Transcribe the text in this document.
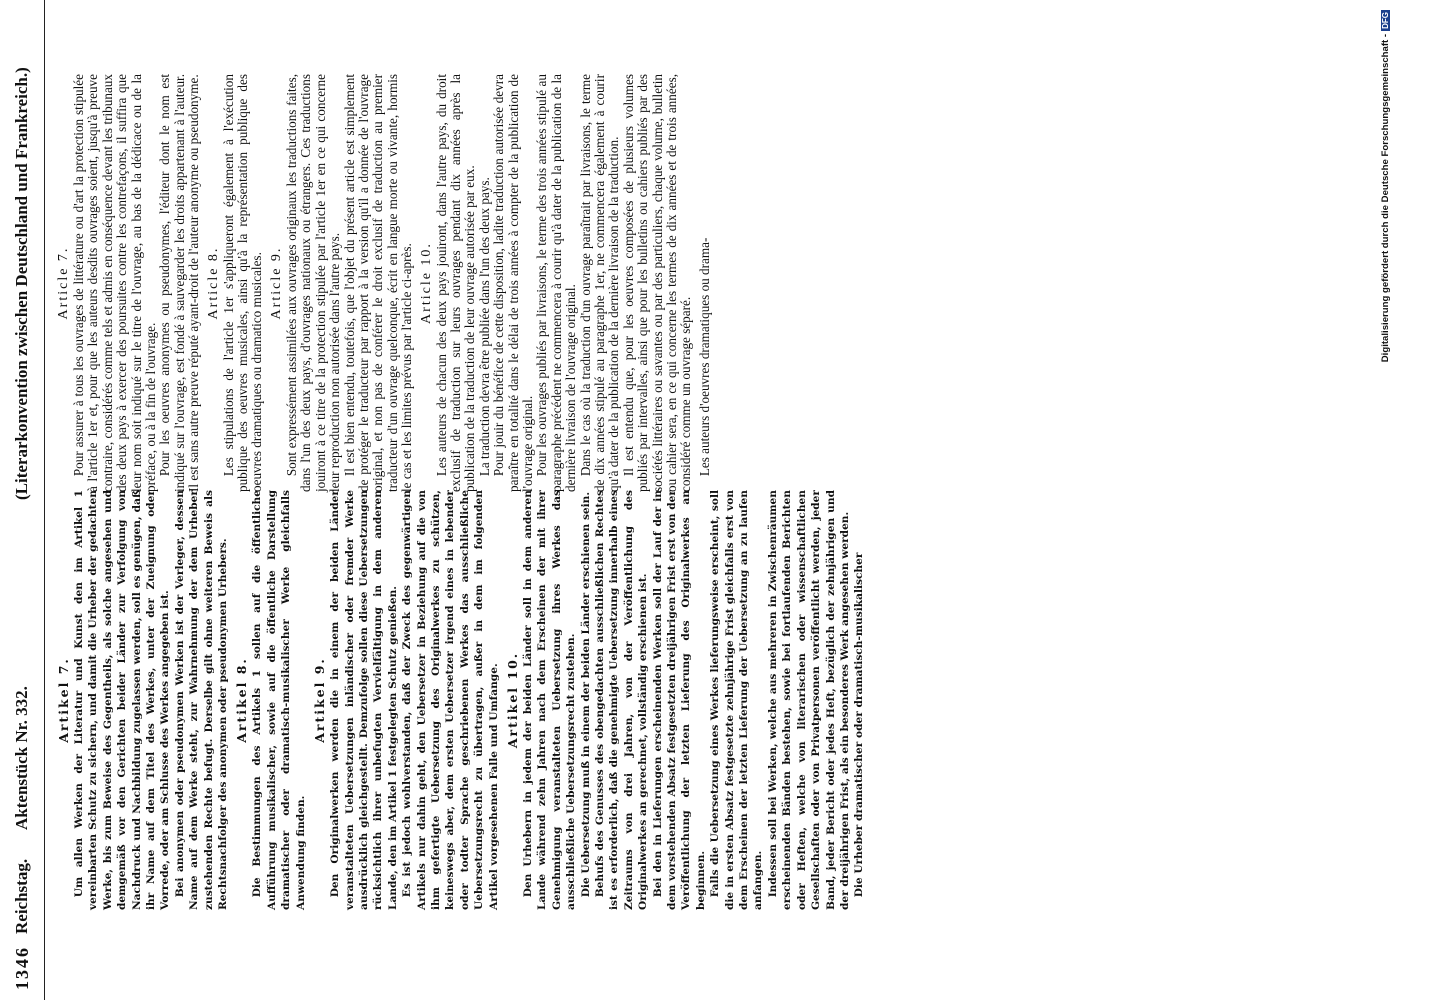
1346
Reichstag.
Aktenstück Nr. 332.
(Literarkonvention zwischen Deutschland und Frankreich.)
Artikel 7. Um allen Werken der Literatur und Kunst den im Artikel 1 vereinbarten Schutz zu sichern, und damit die Urheber der gedachten Werke, bis zum Beweise des Gegentheils, als solche angesehen und demgemäß vor den Gerichten beider Länder zur Verfolgung von Nachdruck und Nachbildung zugelassen werden, soll es genügen, daß ihr Name auf dem Titel des Werkes, unter der Zueignung oder Vorrede, oder am Schlusse des Werkes angegeben ist. Bei anonymen oder pseudonymen Werken ist der Verleger, dessen Name auf dem Werke steht, zur Wahrnehmung der dem Urheber zustehenden Rechte befugt. Derselbe gilt ohne weiteren Beweis als Rechtsnachfolger des anonymen oder pseudonymen Urhebers. Artikel 8. Die Bestimmungen des Artikels 1 sollen auf die öffentliche Aufführung musikalischer, sowie auf die öffentliche Darstellung dramatischer oder dramatisch-musikalischer Werke gleichfalls Anwendung finden.

Artikel 9. Den Originalwerken werden die in einem der beiden Länder veranstalteten Uebersetzungen inländischer oder fremder Werke ausdrücklich gleichgestellt. Demzufolge sollen diese Uebersetzungen rücksichtlich ihrer unbefugten Vervielfältigung in dem anderen Lande, den im Artikel 1 festgelegten Schutz genießen. Es ist jedoch wohlverstanden, daß der Zweck des gegenwärtigen Artikels nur dahin geht, den Uebersetzer in Beziehung auf die von ihm gefertigte Uebersetzung des Originalwerkes zu schützen, keineswegs aber, dem ersten Uebersetzer irgend eines in lebender oder todter Sprache geschriebenen Werkes das ausschließliche Uebersetzungsrecht zu übertragen, außer in dem im folgenden Artikel vorgesehenen Falle und Umfange. Artikel 10. Den Urhebern in jedem der beiden Länder soll in dem anderen Lande während zehn Jahren nach dem Erscheinen der mit ihrer Genehmigung veranstalteten Uebersetzung ihres Werkes das ausschließliche Uebersetzungsrecht zustehen. Die Uebersetzung muß in einem der beiden Länder erschienen sein. Behufs des Genusses des obengedachten ausschließlichen Rechtes ist es erforderlich, daß die genehmigte Uebersetzung innerhalb eines Zeitraums von drei Jahren, von der Veröffentlichung des Originalwerkes an gerechnet, vollständig erschienen ist. Bei den in Lieferungen erscheinenden Werken soll der Lauf der in dem vorstehenden Absatz festgesetzten dreijährigen Frist erst von der Veröffentlichung der letzten Lieferung des Originalwerkes an beginnen. Falls die Uebersetzung eines Werkes lieferungsweise erscheint, soll die in ersten Absatz festgesetzte zehnjährige Frist gleichfalls erst von dem Erscheinen der letzten Lieferung der Uebersetzung an zu laufen anfangen. Indessen soll bei Werken, welche aus mehreren in Zwischenräumen erscheinenden Bänden bestehen, sowie bei fortlaufenden Berichten oder Heften, welche von literarischen oder wissenschaftlichen Gesellschaften oder von Privatpersonen veröffentlicht werden, jeder Band, jeder Bericht oder jedes Heft, bezüglich der zehnjährigen und der dreijährigen Frist, als ein besonderes Werk angesehen werden. Die Urheber dramatischer oder dramatisch-musikalischer

Article 7. Pour assurer à tous les ouvrages de littérature ou d'art la protection stipulée à l'article 1er et, pour que les auteurs desdits ouvrages soient, jusqu'à preuve contraire, considérés comme tels et admis en conséquence devant les tribunaux des deux pays à exercer des poursuites contre les contrefaçons, il suffira que leur nom soit indiqué sur le titre de l'ouvrage, au bas de la dédicace ou de la préface, ou à la fin de l'ouvrage. Pour les oeuvres anonymes ou pseudonymes, l'éditeur dont le nom est indiqué sur l'ouvrage, est fondé à sauvegarder les droits appartenant à l'auteur. Il est sans autre preuve réputé ayant-droit de l'auteur anonyme ou pseudonyme. Article 8. Les stipulations de l'article 1er s'appliqueront également à l'exécution publique des oeuvres musicales, ainsi qu'à la représentation publique des oeuvres dramatiques ou dramatico musicales. Article 9. Sont expressément assimilées aux ouvrages originaux les traductions faites, dans l'un des deux pays, d'ouvrages nationaux ou étrangers. Ces traductions jouiront à ce titre de la protection stipulée par l'article 1er en ce qui concerne leur reproduction non autorisée dans l'autre pays. Il est bien entendu, toutefois, que l'objet du présent article est simplement de protéger le traducteur par rapport à la version qu'il a donnée de l'ouvrage original, et non pas de conférer le droit exclusif de traduction au premier traducteur d'un ouvrage quelconque, écrit en langue morte ou vivante, hormis le cas et les limites prévus par l'article ci-après. Article 10. Les auteurs de chacun des deux pays jouiront, dans l'autre pays, du droit exclusif de traduction sur leurs ouvrages pendant dix années après la publication de la traduction de leur ouvrage autorisée par eux. La traduction devra être publiée dans l'un des deux pays. Pour jouir du bénéfice de cette disposition, ladite traduction autorisée devra paraître en totalité dans le délai de trois années à compter de la publication de l'ouvrage original. Pour les ouvrages publiés par livraisons, le terme des trois années stipulé au paragraphe précédent ne commencera à courir qu'à dater de la publication de la dernière livraison de l'ouvrage original. Dans le cas où la traduction d'un ouvrage paraîtrait par livraisons, le terme de dix années stipulé au paragraphe 1er, ne commencera également à courir qu'à dater de la publication de la dernière livraison de la traduction. Il est entendu que, pour les oeuvres composées de plusieurs volumes publiés par intervalles, ainsi que pour les bulletins ou cahiers publiés par des sociétés littéraires ou savantes ou par des particuliers, chaque volume, bulletin ou cahier sera, en ce qui concerne les termes de dix années et de trois années, considéré comme un ouvrage séparé. Les auteurs d'oeuvres dramatiques ou drama-	Digitalisierung gefördert durch die Deutsche Forschungsgemeinschaft -DFG
